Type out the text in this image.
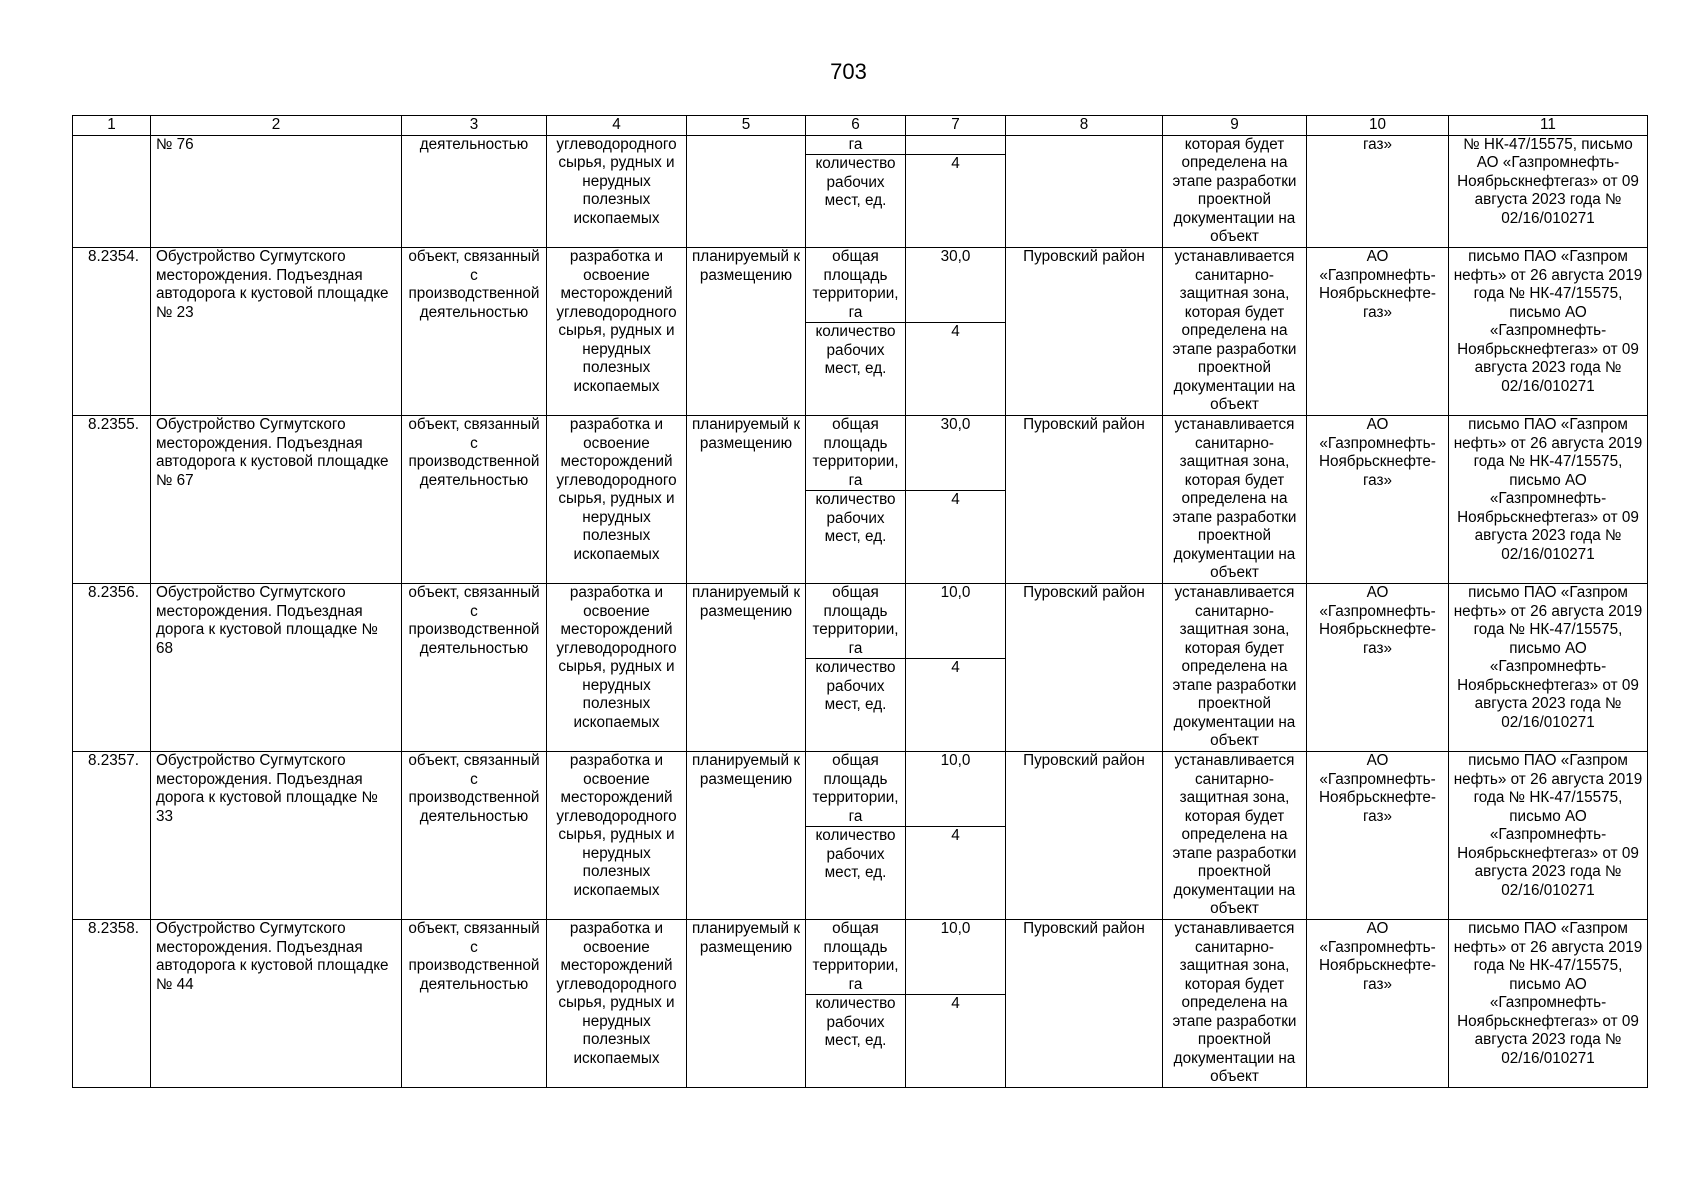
703
1	2	3	4	5	6	7	8	9	10	11
	№ 76	деятельностью	углеводородного сырья, рудных и нерудных полезных ископаемых		га			которая будет определена на этапе разработки проектной документации на объект	газ»	№ НК-47/15575, письмо АО «Газпромнефть-Ноябрьскнефтегаз» от 09 августа 2023 года № 02/16/010271
					количество рабочих мест, ед.	4				
8.2354.	Обустройство Сугмутского месторождения. Подъездная автодорога к кустовой площадке № 23	объект, связанный с производственной деятельностью	разработка и освоение месторождений углеводородного сырья, рудных и нерудных полезных ископаемых	планируемый к размещению	общая площадь территории, га	30,0	Пуровский район	устанавливается санитарно-защитная зона, которая будет определена на этапе разработки проектной документации на объект	АО «Газпромнефть-Ноябрьскнефте-газ»	письмо ПАО «Газпром нефть» от 26 августа 2019 года № НК-47/15575, письмо АО «Газпромнефть-Ноябрьскнефтегаз» от 09 августа 2023 года № 02/16/010271
					количество рабочих мест, ед.	4				
8.2355.	Обустройство Сугмутского месторождения. Подъездная автодорога к кустовой площадке № 67	объект, связанный с производственной деятельностью	разработка и освоение месторождений углеводородного сырья, рудных и нерудных полезных ископаемых	планируемый к размещению	общая площадь территории, га	30,0	Пуровский район	устанавливается санитарно-защитная зона, которая будет определена на этапе разработки проектной документации на объект	АО «Газпромнефть-Ноябрьскнефте-газ»	письмо ПАО «Газпром нефть» от 26 августа 2019 года № НК-47/15575, письмо АО «Газпромнефть-Ноябрьскнефтегаз» от 09 августа 2023 года № 02/16/010271
					количество рабочих мест, ед.	4				
8.2356.	Обустройство Сугмутского месторождения. Подъездная дорога к кустовой площадке № 68	объект, связанный с производственной деятельностью	разработка и освоение месторождений углеводородного сырья, рудных и нерудных полезных ископаемых	планируемый к размещению	общая площадь территории, га	10,0	Пуровский район	устанавливается санитарно-защитная зона, которая будет определена на этапе разработки проектной документации на объект	АО «Газпромнефть-Ноябрьскнефте-газ»	письмо ПАО «Газпром нефть» от 26 августа 2019 года № НК-47/15575, письмо АО «Газпромнефть-Ноябрьскнефтегаз» от 09 августа 2023 года № 02/16/010271
					количество рабочих мест, ед.	4				
8.2357.	Обустройство Сугмутского месторождения. Подъездная дорога к кустовой площадке № 33	объект, связанный с производственной деятельностью	разработка и освоение месторождений углеводородного сырья, рудных и нерудных полезных ископаемых	планируемый к размещению	общая площадь территории, га	10,0	Пуровский район	устанавливается санитарно-защитная зона, которая будет определена на этапе разработки проектной документации на объект	АО «Газпромнефть-Ноябрьскнефте-газ»	письмо ПАО «Газпром нефть» от 26 августа 2019 года № НК-47/15575, письмо АО «Газпромнефть-Ноябрьскнефтегаз» от 09 августа 2023 года № 02/16/010271
					количество рабочих мест, ед.	4				
8.2358.	Обустройство Сугмутского месторождения. Подъездная автодорога к кустовой площадке № 44	объект, связанный с производственной деятельностью	разработка и освоение месторождений углеводородного сырья, рудных и нерудных полезных ископаемых	планируемый к размещению	общая площадь территории, га	10,0	Пуровский район	устанавливается санитарно-защитная зона, которая будет определена на этапе разработки проектной документации на объект	АО «Газпромнефть-Ноябрьскнефте-газ»	письмо ПАО «Газпром нефть» от 26 августа 2019 года № НК-47/15575, письмо АО «Газпромнефть-Ноябрьскнефтегаз» от 09 августа 2023 года № 02/16/010271
					количество рабочих мест, ед.	4				
